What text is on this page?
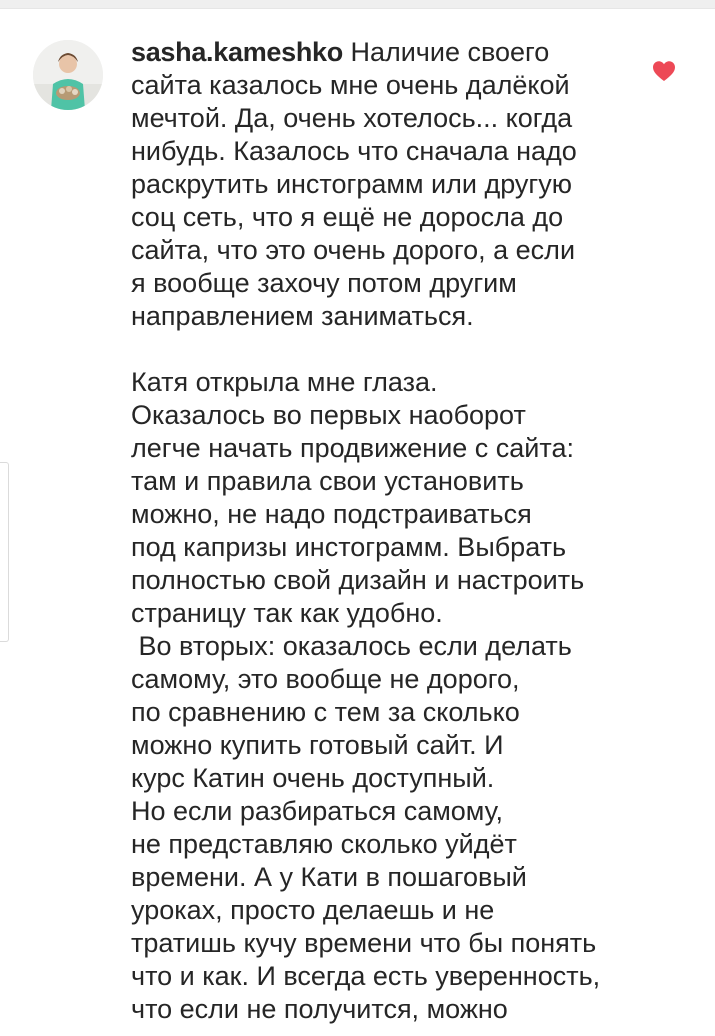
sasha.kameshko Наличие своего
сайта казалось мне очень далёкой
мечтой. Да, очень хотелось... когда
нибудь. Казалось что сначала надо
раскрутить инстограмм или другую
соц сеть, что я ещё не доросла до
сайта, что это очень дорого, а если
я вообще захочу потом другим
направлением заниматься.
Катя открыла мне глаза.
Оказалось во первых наоборот
легче начать продвижение с сайта:
там и правила свои установить
можно, не надо подстраиваться
под капризы инстограмм. Выбрать
полностью свой дизайн и настроить
страницу так как удобно.
Во вторых: оказалось если делать
самому, это вообще не дорого,
по сравнению с тем за сколько
можно купить готовый сайт. И
курс Катин очень доступный.
Но если разбираться самому,
не представляю сколько уйдёт
времени. А у Кати в пошаговый
уроках, просто делаешь и не
тратишь кучу времени что бы понять
что и как. И всегда есть уверенность,
что если не получится, можно
